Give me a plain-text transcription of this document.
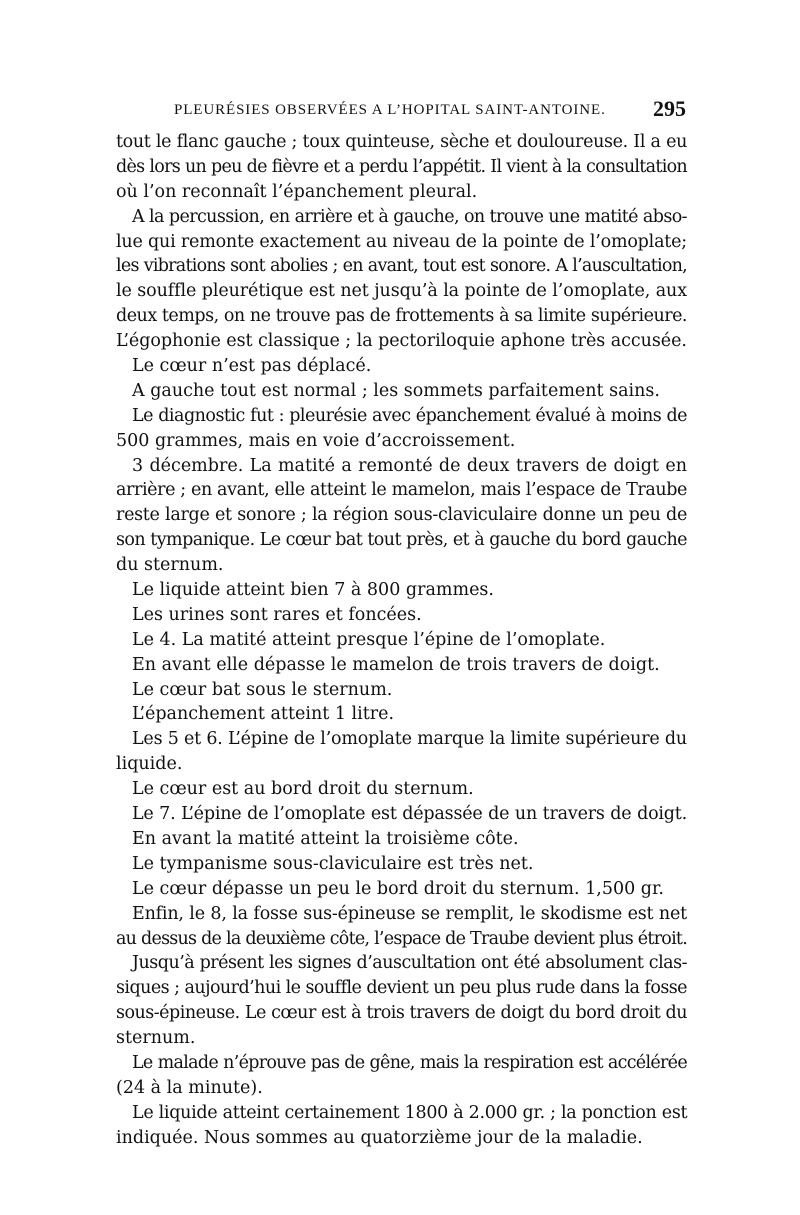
PLEURÉSIES OBSERVÉES A L’HOPITAL SAINT-ANTOINE. 295
tout le flanc gauche ; toux quinteuse, sèche et douloureuse. Il a eu
dès lors un peu de fièvre et a perdu l’appétit. Il vient à la consultation
où l’on reconnaît l’épanchement pleural.
A la percussion, en arrière et à gauche, on trouve une matité abso-
lue qui remonte exactement au niveau de la pointe de l’omoplate;
les vibrations sont abolies ; en avant, tout est sonore. A l’auscultation,
le souffle pleurétique est net jusqu’à la pointe de l’omoplate, aux
deux temps, on ne trouve pas de frottements à sa limite supérieure.
L’égophonie est classique ; la pectoriloquie aphone très accusée.
Le cœur n’est pas déplacé.
A gauche tout est normal ; les sommets parfaitement sains.
Le diagnostic fut : pleurésie avec épanchement évalué à moins de
500 grammes, mais en voie d’accroissement.
3 décembre. La matité a remonté de deux travers de doigt en
arrière ; en avant, elle atteint le mamelon, mais l’espace de Traube
reste large et sonore ; la région sous-claviculaire donne un peu de
son tympanique. Le cœur bat tout près, et à gauche du bord gauche
du sternum.
Le liquide atteint bien 7 à 800 grammes.
Les urines sont rares et foncées.
Le 4. La matité atteint presque l’épine de l’omoplate.
En avant elle dépasse le mamelon de trois travers de doigt.
Le cœur bat sous le sternum.
L’épanchement atteint 1 litre.
Les 5 et 6. L’épine de l’omoplate marque la limite supérieure du
liquide.
Le cœur est au bord droit du sternum.
Le 7. L’épine de l’omoplate est dépassée de un travers de doigt.
En avant la matité atteint la troisième côte.
Le tympanisme sous-claviculaire est très net.
Le cœur dépasse un peu le bord droit du sternum. 1,500 gr.
Enfin, le 8, la fosse sus-épineuse se remplit, le skodisme est net
au dessus de la deuxième côte, l’espace de Traube devient plus étroit.
Jusqu’à présent les signes d’auscultation ont été absolument clas-
siques ; aujourd’hui le souffle devient un peu plus rude dans la fosse
sous-épineuse. Le cœur est à trois travers de doigt du bord droit du
sternum.
Le malade n’éprouve pas de gêne, mais la respiration est accélérée
(24 à la minute).
Le liquide atteint certainement 1800 à 2.000 gr. ; la ponction est
indiquée. Nous sommes au quatorzième jour de la maladie.
